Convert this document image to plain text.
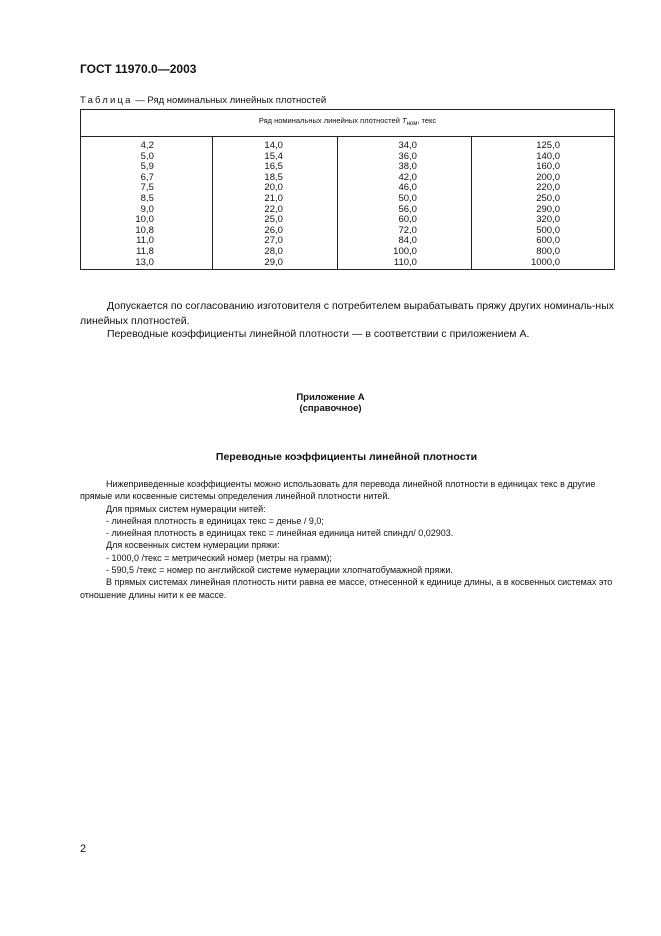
ГОСТ 11970.0—2003
Таблица — Ряд номинальных линейных плотностей
Ряд номинальных линейных плотностей $T_{ном}$, текс			
4,2	14,0	34,0	125,0
5,0	15,4	36,0	140,0
5,9	16,5	38,0	160,0
6,7	18,5	42,0	200,0
7,5	20,0	46,0	220,0
8,5	21,0	50,0	250,0
9,0	22,0	56,0	290,0
10,0	25,0	60,0	320,0
10,8	26,0	72,0	500,0
11,0	27,0	84,0	600,0
11,8	28,0	100,0	800,0
13,0	29,0	110,0	1000,0
Допускается по согласованию изготовителя с потребителем вырабатывать пряжу других номиналь-ных линейных плотностей.
Переводные коэффициенты линейной плотности — в соответствии с приложением А.
Приложение А
(справочное)
Переводные коэффициенты линейной плотности

Нижеприведенные коэффициенты можно использовать для перевода линейной плотности в единицах текс в другие прямые или косвенные системы определения линейной плотности нитей.

Для прямых систем нумерации нитей:

- линейная плотность в единицах текс = денье / 9,0;

- линейная плотность в единицах текс = линейная единица нитей спиндл/ 0,02903.

Для косвенных систем нумерации пряжи:

- 1000,0 /текс = метрический номер (метры на грамм);

- 590,5 /текс = номер по английской системе нумерации хлопчатобумажной пряжи.

В прямых системах линейная плотность нити равна ее массе, отнесенной к единице длины, а в косвенных системах это отношение длины нити к ее массе.

2
